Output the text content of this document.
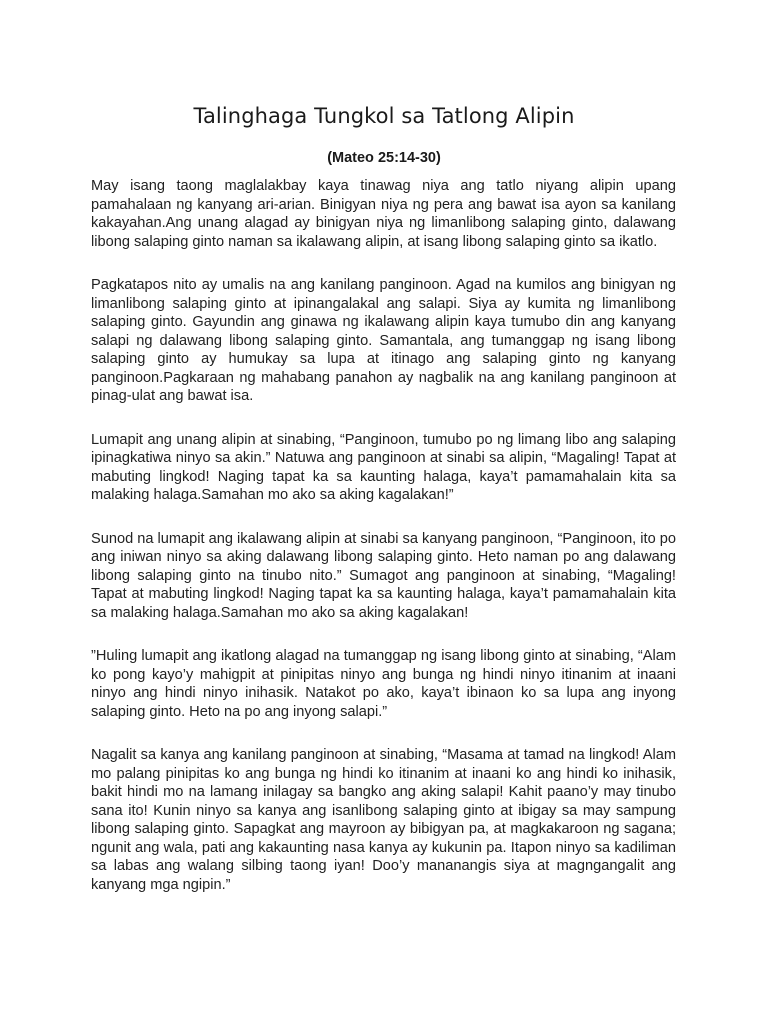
Talinghaga Tungkol sa Tatlong Alipin
(Mateo 25:14-30)

May isang taong maglalakbay kaya tinawag niya ang tatlo niyang alipin upang pamahalaan ng kanyang ari-arian. Binigyan niya ng pera ang bawat isa ayon sa kanilang kakayahan.Ang unang alagad ay binigyan niya ng limanlibong salaping ginto, dalawang libong salaping ginto naman sa ikalawang alipin, at isang libong salaping ginto sa ikatlo.

Pagkatapos nito ay umalis na ang kanilang panginoon. Agad na kumilos ang binigyan ng limanlibong salaping ginto at ipinangalakal ang salapi. Siya ay kumita ng limanlibong salaping ginto. Gayundin ang ginawa ng ikalawang alipin kaya tumubo din ang kanyang salapi ng dalawang libong salaping ginto. Samantala, ang tumanggap ng isang libong salaping ginto ay humukay sa lupa at itinago ang salaping ginto ng kanyang panginoon.Pagkaraan ng mahabang panahon ay nagbalik na ang kanilang panginoon at pinag-ulat ang bawat isa.

Lumapit ang unang alipin at sinabing, “Panginoon, tumubo po ng limang libo ang salaping ipinagkatiwa ninyo sa akin.” Natuwa ang panginoon at sinabi sa alipin, “Magaling! Tapat at mabuting lingkod! Naging tapat ka sa kaunting halaga, kaya’t pamamahalain kita sa malaking halaga.Samahan mo ako sa aking kagalakan!”

Sunod na lumapit ang ikalawang alipin at sinabi sa kanyang panginoon, “Panginoon, ito po ang iniwan ninyo sa aking dalawang libong salaping ginto. Heto naman po ang dalawang libong salaping ginto na tinubo nito.” Sumagot ang panginoon at sinabing, “Magaling! Tapat at mabuting lingkod! Naging tapat ka sa kaunting halaga, kaya’t pamamahalain kita sa malaking halaga.Samahan mo ako sa aking kagalakan!

”Huling lumapit ang ikatlong alagad na tumanggap ng isang libong ginto at sinabing, “Alam ko pong kayo’y mahigpit at pinipitas ninyo ang bunga ng hindi ninyo itinanim at inaani ninyo ang hindi ninyo inihasik. Natakot po ako, kaya’t ibinaon ko sa lupa ang inyong salaping ginto. Heto na po ang inyong salapi.”

Nagalit sa kanya ang kanilang panginoon at sinabing, “Masama at tamad na lingkod! Alam mo palang pinipitas ko ang bunga ng hindi ko itinanim at inaani ko ang hindi ko inihasik, bakit hindi mo na lamang inilagay sa bangko ang aking salapi! Kahit paano’y may tinubo sana ito! Kunin ninyo sa kanya ang isanlibong salaping ginto at ibigay sa may sampung libong salaping ginto. Sapagkat ang mayroon ay bibigyan pa, at magkakaroon ng sagana; ngunit ang wala, pati ang kakaunting nasa kanya ay kukunin pa. Itapon ninyo sa kadiliman sa labas ang walang silbing taong iyan! Doo’y mananangis siya at magngangalit ang kanyang mga ngipin.”
